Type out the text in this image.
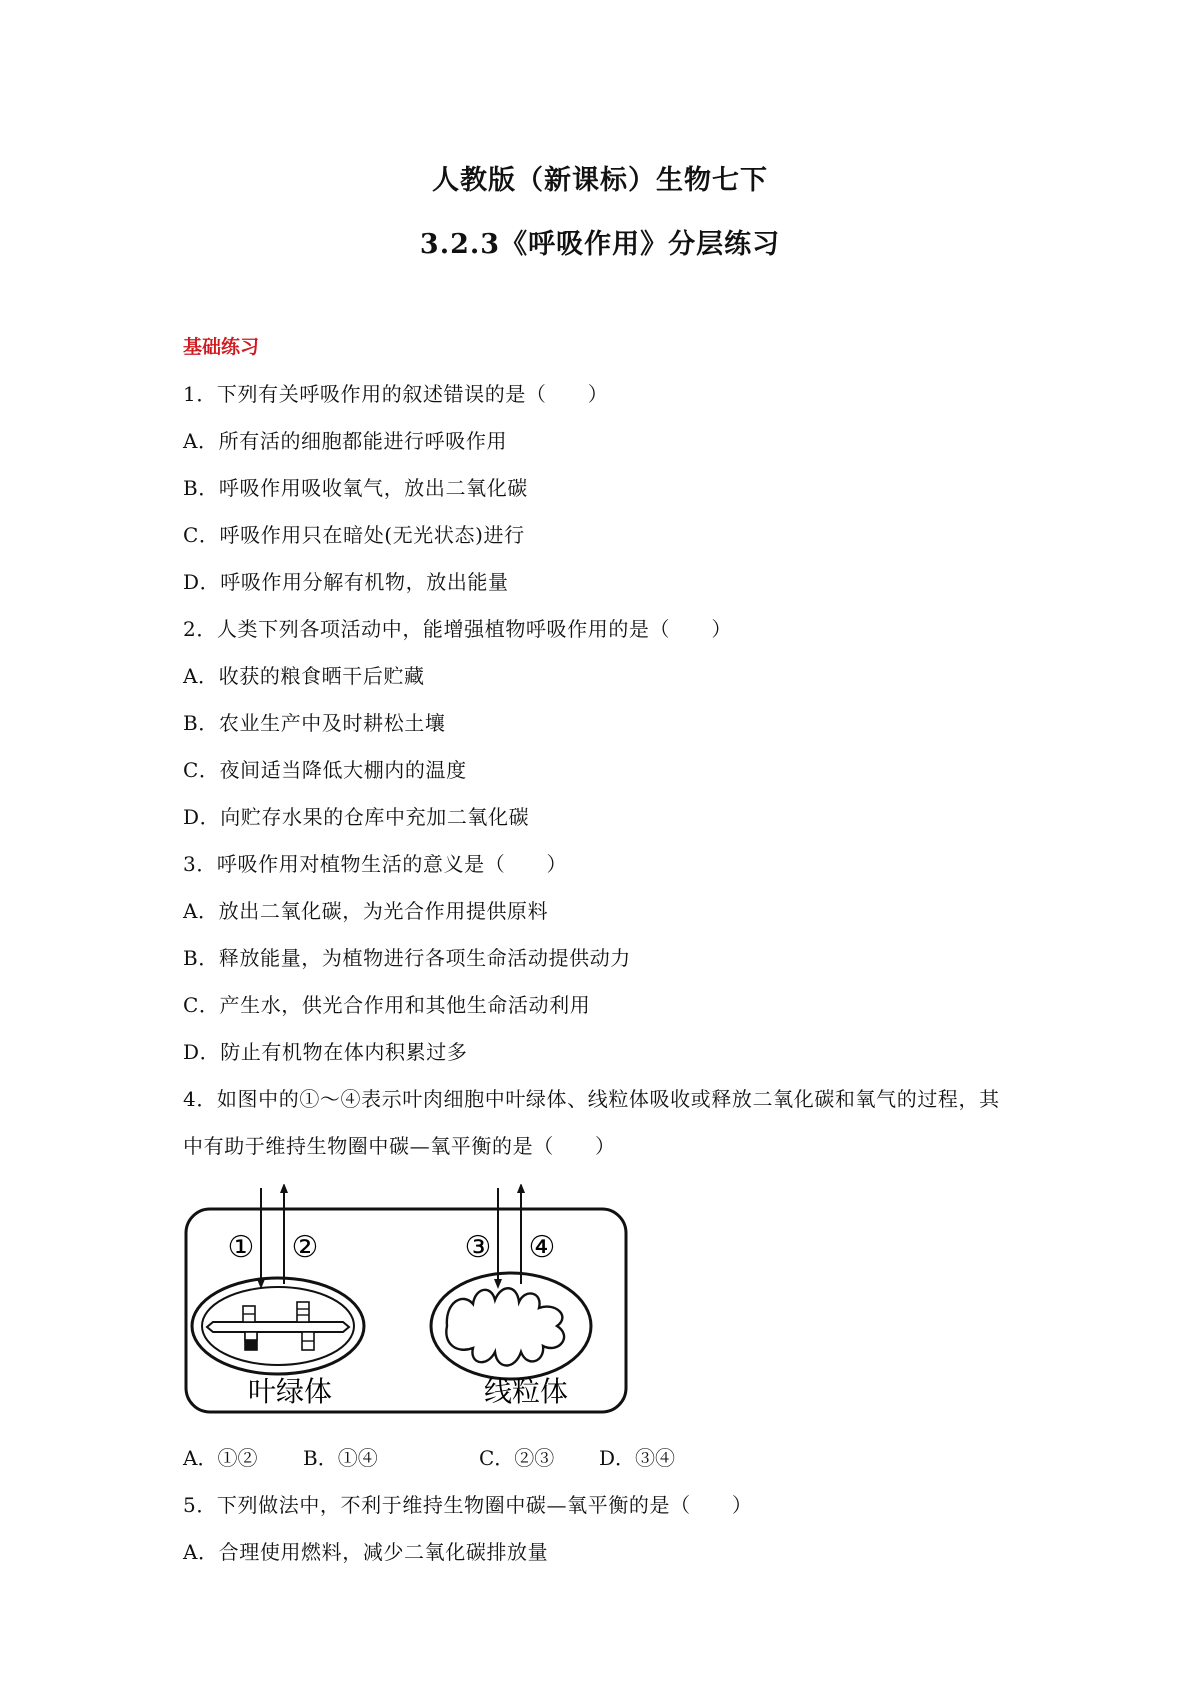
人教版（新课标）生物七下
3.2.3《呼吸作用》分层练习
基础练习
1．下列有关呼吸作用的叙述错误的是（　　）
A．所有活的细胞都能进行呼吸作用
B．呼吸作用吸收氧气，放出二氧化碳
C．呼吸作用只在暗处(无光状态)进行
D．呼吸作用分解有机物，放出能量
2．人类下列各项活动中，能增强植物呼吸作用的是（　　）
A．收获的粮食晒干后贮藏
B．农业生产中及时耕松土壤
C．夜间适当降低大棚内的温度
D．向贮存水果的仓库中充加二氧化碳
3．呼吸作用对植物生活的意义是（　　）
A．放出二氧化碳，为光合作用提供原料
B．释放能量，为植物进行各项生命活动提供动力
C．产生水，供光合作用和其他生命活动利用
D．防止有机物在体内积累过多
4．如图中的①～④表示叶肉细胞中叶绿体、线粒体吸收或释放二氧化碳和氧气的过程，其
中有助于维持生物圈中碳—氧平衡的是（　　）
① ②	③ ④
叶绿体	线粒体
A．①② B．①④	C．②③ D．③④
5．下列做法中，不利于维持生物圈中碳—氧平衡的是（　　）
A．合理使用燃料，减少二氧化碳排放量
